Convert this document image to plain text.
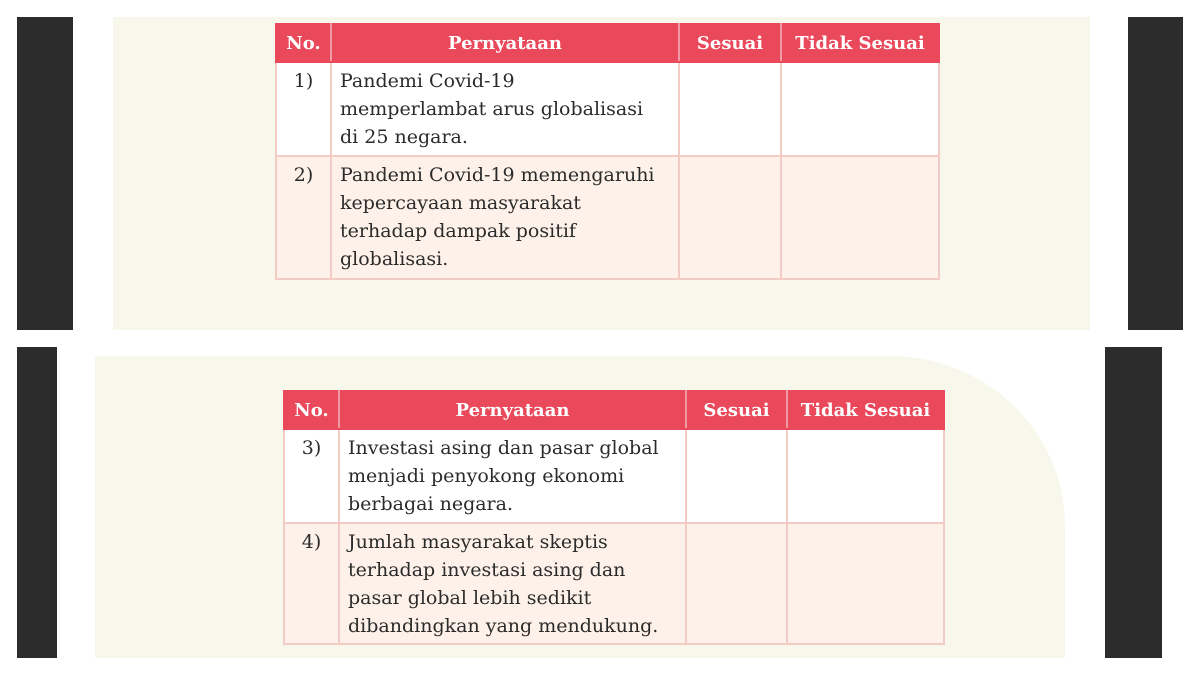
No.	Pernyataan	Sesuai	Tidak Sesuai
1)	Pandemi Covid-19
memperlambat arus globalisasi
di 25 negara.		

2)	Pandemi Covid-19 memengaruhi
kepercayaan masyarakat
terhadap dampak positif
globalisasi.		

No.	Pernyataan	Sesuai	Tidak Sesuai
3)	Investasi asing dan pasar global
menjadi penyokong ekonomi
berbagai negara.		

4)	Jumlah masyarakat skeptis
terhadap investasi asing dan
pasar global lebih sedikit
dibandingkan yang mendukung.		
